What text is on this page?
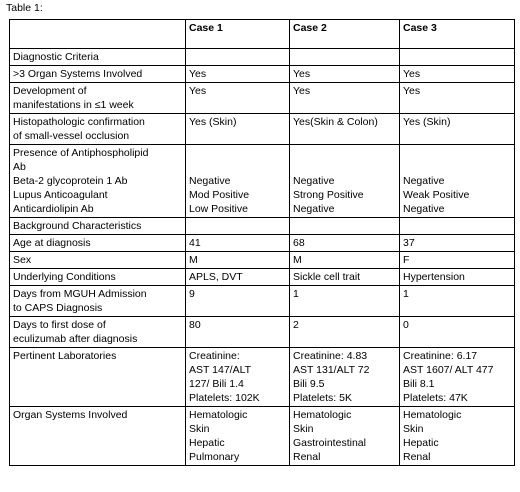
Table 1:
	Case 1	Case 2	Case 3

Diagnostic Criteria			

>3 Organ Systems Involved	Yes	Yes	Yes

Development of
manifestations in ≤1 week	Yes	Yes	Yes

Histopathologic confirmation
of small-vessel occlusion	Yes (Skin)	Yes(Skin & Colon)	Yes (Skin)

Presence of Antiphospholipid
Ab
Beta-2 glycoprotein 1 Ab
Lupus Anticoagulant
Anticardiolipin Ab	Negative
Mod Positive
Low Positive	Negative
Strong Positive
Negative	Negative
Weak Positive
Negative

Background Characteristics			

Age at diagnosis	41	68	37

Sex	M	M	F

Underlying Conditions	APLS, DVT	Sickle cell trait	Hypertension

Days from MGUH Admission
to CAPS Diagnosis	9	1	1

Days to first dose of
eculizumab after diagnosis	80	2	0

Pertinent Laboratories	Creatinine:
AST 147/ALT
127/ Bili 1.4
Platelets: 102K	Creatinine: 4.83
AST 131/ALT 72
Bili 9.5
Platelets: 5K	Creatinine: 6.17
AST 1607/ ALT 477
Bili 8.1
Platelets: 47K

Organ Systems Involved	Hematologic
Skin
Hepatic
Pulmonary	Hematologic
Skin
Gastrointestinal
Renal	Hematologic
Skin
Hepatic
Renal
